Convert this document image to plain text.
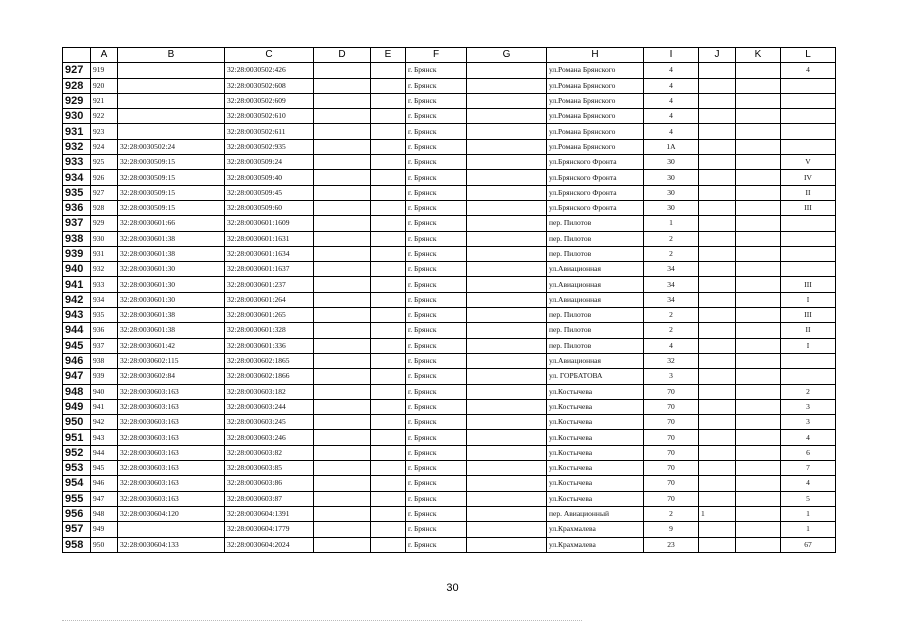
	A	B	C	D	E	F	G	H	I	J	K	L
927	919		32:28:0030502:426			г. Брянск		ул.Романа Брянского	4			4
928	920		32:28:0030502:608			г. Брянск		ул.Романа Брянского	4			
929	921		32:28:0030502:609			г. Брянск		ул.Романа Брянского	4			
930	922		32:28:0030502:610			г. Брянск		ул.Романа Брянского	4			
931	923		32:28:0030502:611			г. Брянск		ул.Романа Брянского	4			
932	924	32:28:0030502:24	32:28:0030502:935			г. Брянск		ул.Романа Брянского	1А			
933	925	32:28:0030509:15	32:28:0030509:24			г. Брянск		ул.Брянского Фронта	30			V
934	926	32:28:0030509:15	32:28:0030509:40			г. Брянск		ул.Брянского Фронта	30			IV
935	927	32:28:0030509:15	32:28:0030509:45			г. Брянск		ул.Брянского Фронта	30			II
936	928	32:28:0030509:15	32:28:0030509:60			г. Брянск		ул.Брянского Фронта	30			III
937	929	32:28:0030601:66	32:28:0030601:1609			г. Брянск		пер. Пилотов	1			
938	930	32:28:0030601:38	32:28:0030601:1631			г. Брянск		пер. Пилотов	2			
939	931	32:28:0030601:38	32:28:0030601:1634			г. Брянск		пер. Пилотов	2			
940	932	32:28:0030601:30	32:28:0030601:1637			г. Брянск		ул.Авиационная	34			
941	933	32:28:0030601:30	32:28:0030601:237			г. Брянск		ул.Авиационная	34			III
942	934	32:28:0030601:30	32:28:0030601:264			г. Брянск		ул.Авиационная	34			I
943	935	32:28:0030601:38	32:28:0030601:265			г. Брянск		пер. Пилотов	2			III
944	936	32:28:0030601:38	32:28:0030601:328			г. Брянск		пер. Пилотов	2			II
945	937	32:28:0030601:42	32:28:0030601:336			г. Брянск		пер. Пилотов	4			I
946	938	32:28:0030602:115	32:28:0030602:1865			г. Брянск		ул.Авиационная	32			
947	939	32:28:0030602:84	32:28:0030602:1866			г. Брянск		ул. ГОРБАТОВА	3			
948	940	32:28:0030603:163	32:28:0030603:182			г. Брянск		ул.Костычева	70			2
949	941	32:28:0030603:163	32:28:0030603:244			г. Брянск		ул.Костычева	70			3
950	942	32:28:0030603:163	32:28:0030603:245			г. Брянск		ул.Костычева	70			3
951	943	32:28:0030603:163	32:28:0030603:246			г. Брянск		ул.Костычева	70			4
952	944	32:28:0030603:163	32:28:0030603:82			г. Брянск		ул.Костычева	70			6
953	945	32:28:0030603:163	32:28:0030603:85			г. Брянск		ул.Костычева	70			7
954	946	32:28:0030603:163	32:28:0030603:86			г. Брянск		ул.Костычева	70			4
955	947	32:28:0030603:163	32:28:0030603:87			г. Брянск		ул.Костычева	70			5
956	948	32:28:0030604:120	32:28:0030604:1391			г. Брянск		пер. Авиационный	2	1		1
957	949		32:28:0030604:1779			г. Брянск		ул.Крахмалева	9			1
958	950	32:28:0030604:133	32:28:0030604:2024			г. Брянск		ул.Крахмалева	23			67
30
